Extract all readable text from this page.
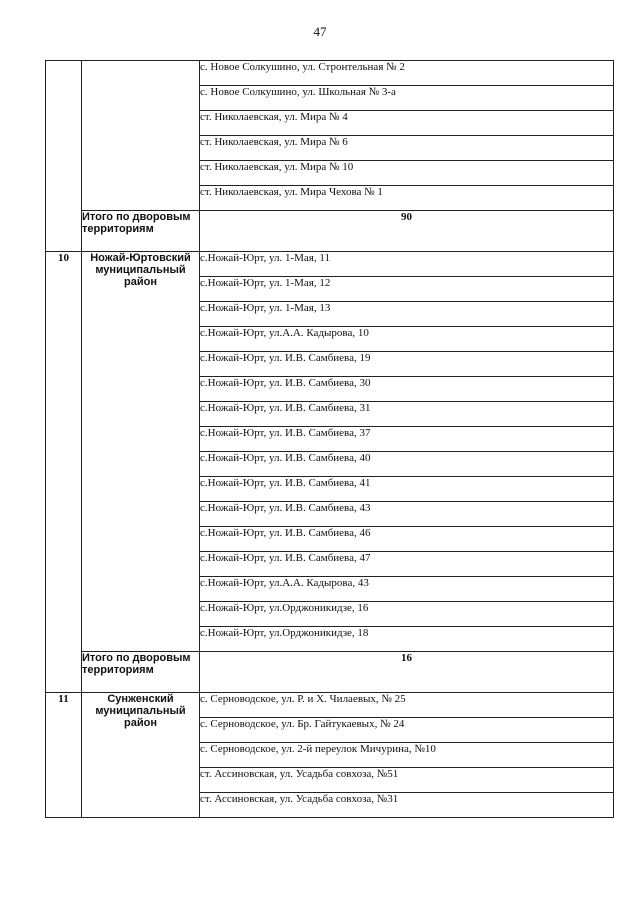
47
		с. Новое Солкушино, ул. Стронтельная № 2
		с. Новое Солкушино, ул. Школьная № 3-а
		ст. Николаевская, ул. Мира № 4
		ст. Николаевская, ул. Мира № 6
		ст. Николаевская, ул. Мира № 10
		ст. Николаевская, ул. Мира Чехова № 1
	Итого по дворовым территориям	90
10	Ножай-Юртовский муниципальный район	с.Ножай-Юрт, ул. 1-Мая, 11
		с.Ножай-Юрт, ул. 1-Мая, 12
		с.Ножай-Юрт, ул. 1-Мая, 13
		с.Ножай-Юрт, ул.А.А. Кадырова, 10
		с.Ножай-Юрт, ул. И.В. Самбиева, 19
		с.Ножай-Юрт, ул. И.В. Самбиева, 30
		с.Ножай-Юрт, ул. И.В. Самбиева, 31
		с.Ножай-Юрт, ул. И.В. Самбиева, 37
		с.Ножай-Юрт, ул. И.В. Самбиева, 40
		с.Ножай-Юрт, ул. И.В. Самбиева, 41
		с.Ножай-Юрт, ул. И.В. Самбиева, 43
		с.Ножай-Юрт, ул. И.В. Самбиева, 46
		с.Ножай-Юрт, ул. И.В. Самбиева, 47
		с.Ножай-Юрт, ул.А.А. Кадырова, 43
		с.Ножай-Юрт, ул.Орджоникидзе, 16
		с.Ножай-Юрт, ул.Орджоникидзе, 18
	Итого по дворовым территориям	16
11	Сунженский муниципальный район	с. Серноводское, ул. Р. и Х. Чилаевых, № 25
		с. Серноводское, ул. Бр. Гайтукаевых, № 24
		с. Серноводское, ул. 2-й переулок Мичурина, №10
		ст. Ассиновская, ул. Усадьба совхоза, №51
		ст. Ассиновская, ул. Усадьба совхоза, №31
